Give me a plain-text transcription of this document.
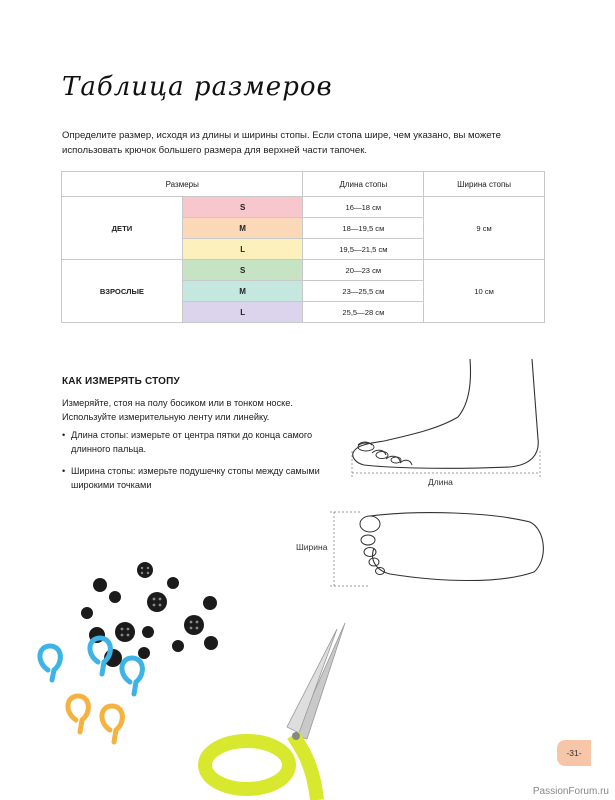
Таблица размеров
Определите размер, исходя из длины и ширины стопы. Если стопа шире, чем указано, вы можете использовать крючок большего размера для верхней части тапочек.
Размеры		Длина стопы	Ширина стопы
ДЕТИ	S	16—18 см	9 см
	M	18—19,5 см	
	L	19,5—21,5 см	
ВЗРОСЛЫЕ	S	20—23 см	10 см
	M	23—25,5 см	
	L	25,5—28 см	
КАК ИЗМЕРЯТЬ СТОПУ
Измеряйте, стоя на полу босиком или в тонком носке. Используйте измерительную ленту или линейку.
• Длина стопы: измерьте от центра пятки до конца самого длинного пальца.
• Ширина стопы: измерьте подушечку стопы между самыми широкими точками	Длина
Ширина
-31-
PassionForum.ru
